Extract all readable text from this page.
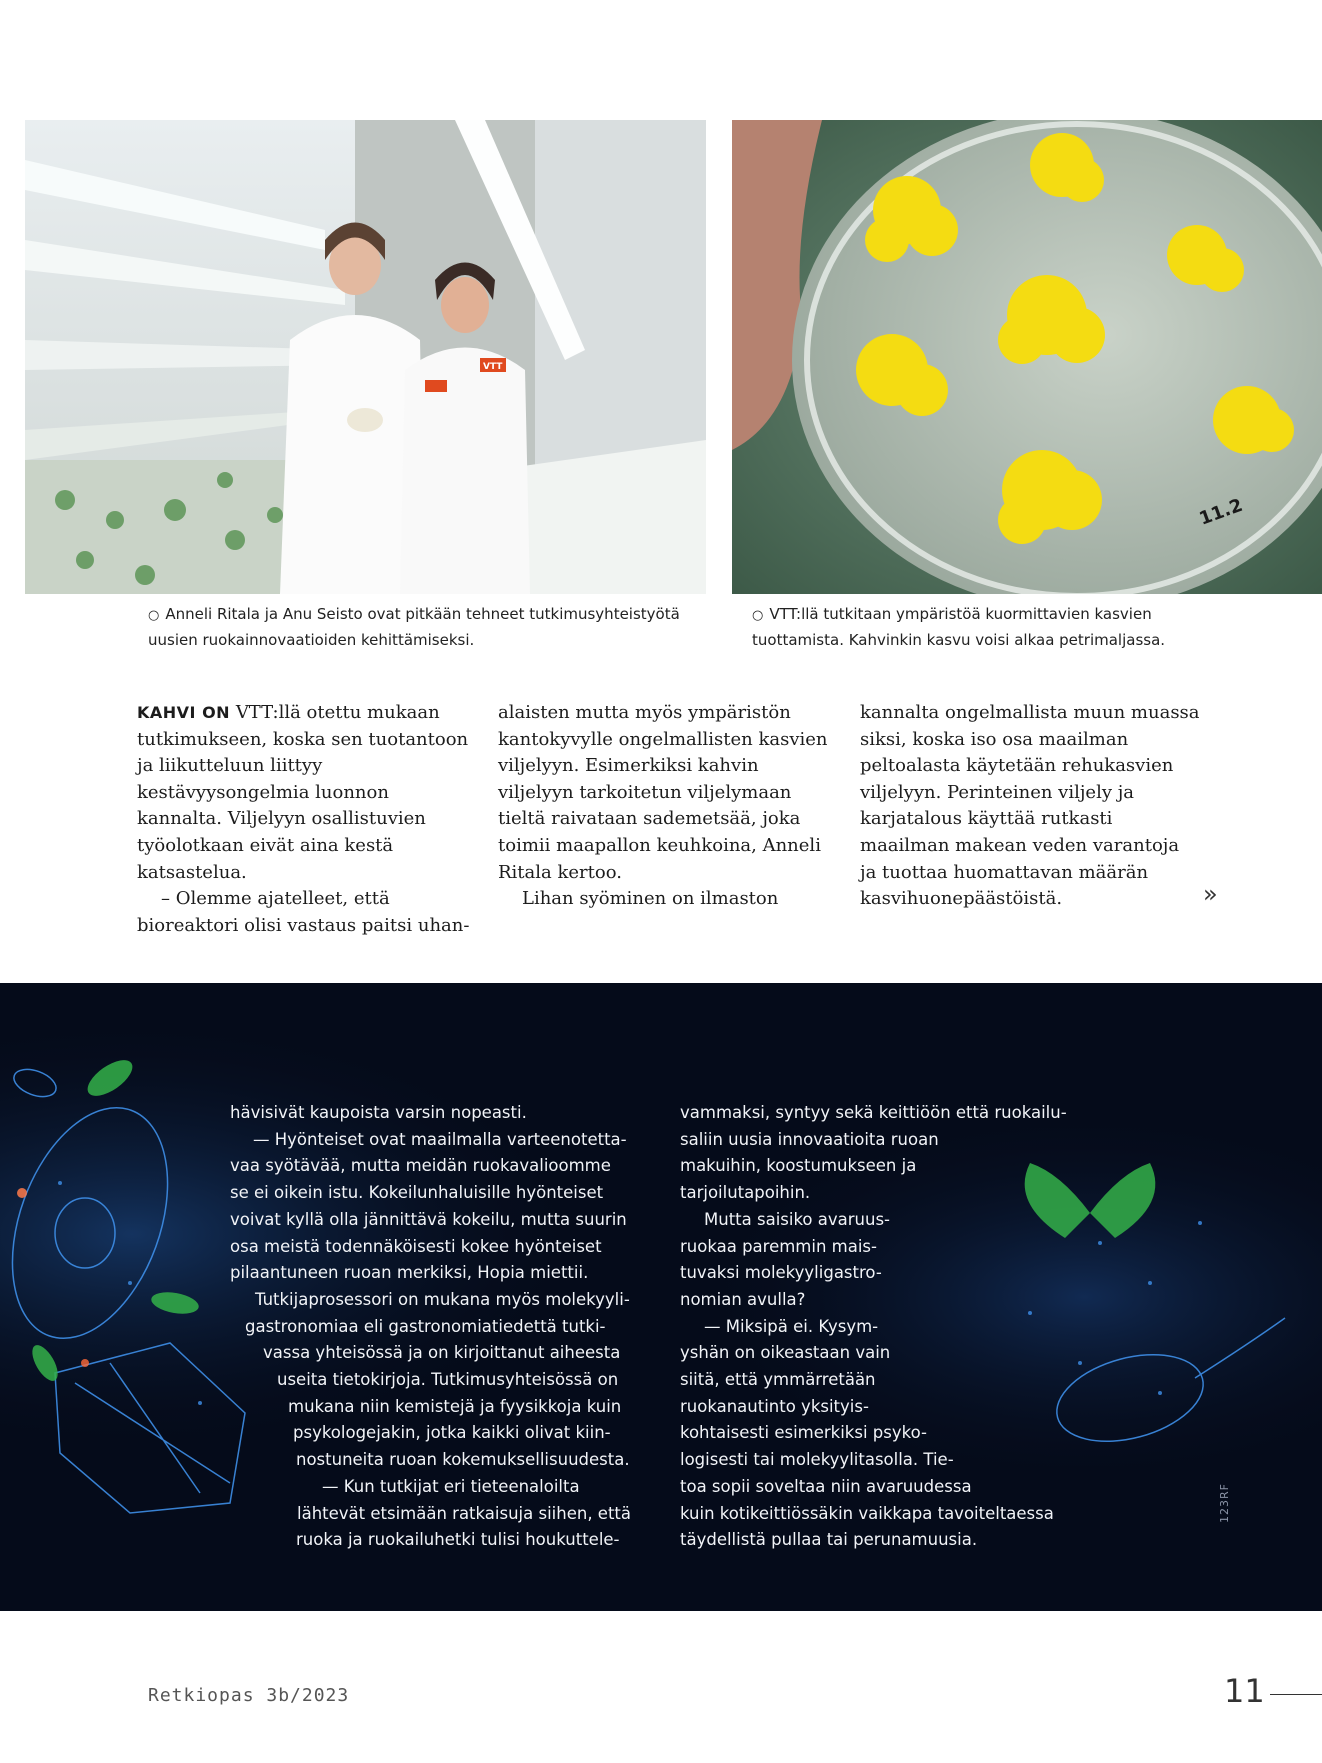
VTT
11.2
○ Anneli Ritala ja Anu Seisto ovat pitkään tehneet tutkimusyhteistyötä uusien ruokainnovaatioiden kehittämiseksi.
○ VTT:llä tutkitaan ympäristöä kuormittavien kasvien tuottamista. Kahvinkin kasvu voisi alkaa petrimaljassa.

KAHVI ON VTT:llä otettu mukaan tutkimukseen, koska sen tuotantoon ja liikutteluun liittyy kestävyysongelmia luonnon kannalta. Viljelyyn osallistuvien työolotkaan eivät aina kestä katsastelua.

– Olemme ajatelleet, että bioreaktori olisi vastaus paitsi uhan-

alaisten mutta myös ympäristön kantokyvylle ongelmallisten kasvien viljelyyn. Esimerkiksi kahvin viljelyyn tarkoitetun viljelymaan tieltä raivataan sademetsää, joka toimii maapallon keuhkoina, Anneli Ritala kertoo.

Lihan syöminen on ilmaston

kannalta ongelmallista muun muassa siksi, koska iso osa maailman peltoalasta käytetään rehukasvien viljelyyn. Perinteinen viljely ja karjatalous käyttää rutkasti maailman makean veden varantoja ja tuottaa huomattavan määrän kasvihuonepäästöistä.	»
hävisivät kaupoista varsin nopeasti.
— Hyönteiset ovat maailmalla varteenotetta-
vaa syötävää, mutta meidän ruokavalioomme
se ei oikein istu. Kokeilunhaluisille hyönteiset
voivat kyllä olla jännittävä kokeilu, mutta suurin
osa meistä todennäköisesti kokee hyönteiset
pilaantuneen ruoan merkiksi, Hopia miettii.
Tutkijaprosessori on mukana myös molekyyli-
gastronomiaa eli gastronomiatiedettä tutki-
vassa yhteisössä ja on kirjoittanut aiheesta
useita tietokirjoja. Tutkimusyhteisössä on
mukana niin kemistejä ja fyysikkoja kuin
psykologejakin, jotka kaikki olivat kiin-
nostuneita ruoan kokemuksellisuudesta.
— Kun tutkijat eri tieteenaloilta
lähtevät etsimään ratkaisuja siihen, että
ruoka ja ruokailuhetki tulisi houkuttele-
vammaksi, syntyy sekä keittiöön että ruokailu-
saliin uusia innovaatioita ruoan
makuihin, koostumukseen ja
tarjoilutapoihin.
Mutta saisiko avaruus-
ruokaa paremmin mais-
tuvaksi molekyyligastro-
nomian avulla?
— Miksipä ei. Kysym-
yshän on oikeastaan vain
siitä, että ymmärretään
ruokanautinto yksityis-
kohtaisesti esimerkiksi psyko-
logisesti tai molekyylitasolla. Tie-
toa sopii soveltaa niin avaruudessa
kuin kotikeittiössäkin vaikkapa tavoiteltaessa
täydellistä pullaa tai perunamuusia.
123RF
Retkiopas 3b/2023	11
